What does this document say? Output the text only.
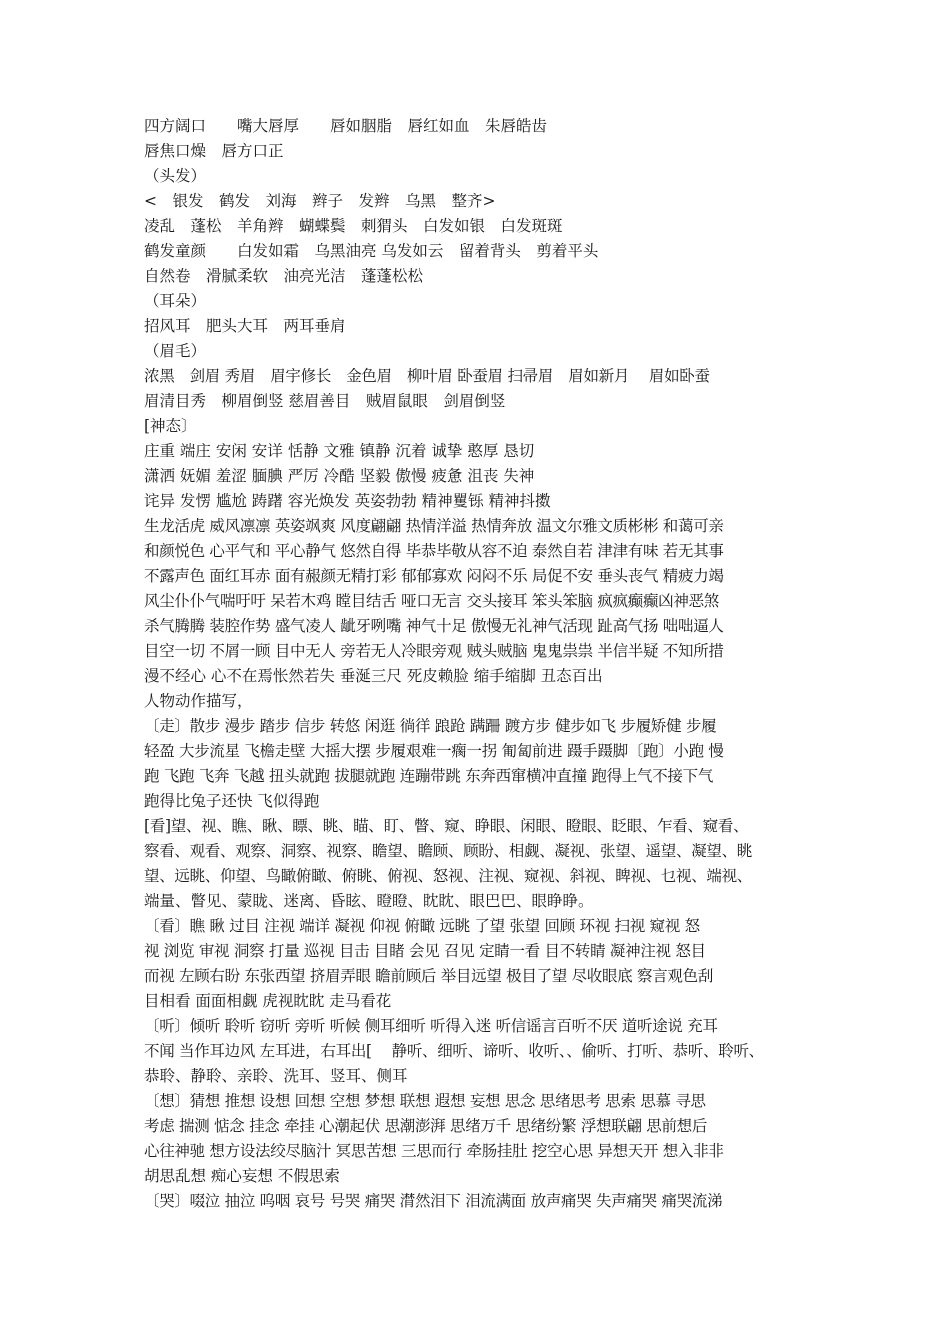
四方阔口　　嘴大唇厚　　唇如胭脂　唇红如血　朱唇皓齿
唇焦口燥　唇方口正
（头发）
<　银发　鹤发　刘海　辫子　发辫　乌黑　整齐>
凌乱　蓬松　羊角辫　蝴蝶鬓　刺猬头　白发如银　白发斑斑
鹤发童颜　　白发如霜　乌黑油亮 乌发如云　留着背头　剪着平头
自然卷　滑腻柔软　油亮光洁　蓬蓬松松
（耳朵）
招风耳　肥头大耳　两耳垂肩
（眉毛）
浓黑　剑眉 秀眉　眉宇修长　金色眉　柳叶眉 卧蚕眉 扫帚眉　眉如新月　 眉如卧蚕
眉清目秀　柳眉倒竖 慈眉善目　贼眉鼠眼　剑眉倒竖
[神态〕
庄重 端庄 安闲 安详 恬静 文雅 镇静 沉着 诚挚 憨厚 恳切
潇洒 妩媚 羞涩 腼腆 严厉 冷酷 坚毅 傲慢 疲惫 沮丧 失神
诧异 发愣 尴尬 踌躇 容光焕发 英姿勃勃 精神矍铄 精神抖擞
生龙活虎 威风凛凛 英姿飒爽 风度翩翩 热情洋溢 热情奔放 温文尔雅文质彬彬 和蔼可亲
和颜悦色 心平气和 平心静气 悠然自得 毕恭毕敬从容不迫 泰然自若 津津有味 若无其事
不露声色 面红耳赤 面有赧颜无精打彩 郁郁寡欢 闷闷不乐 局促不安 垂头丧气 精疲力竭
风尘仆仆气喘吁吁 呆若木鸡 瞠目结舌 哑口无言 交头接耳 笨头笨脑 疯疯癫癫凶神恶煞
杀气腾腾 装腔作势 盛气凌人 龇牙咧嘴 神气十足 傲慢无礼神气活现 趾高气扬 咄咄逼人
目空一切 不屑一顾 目中无人 旁若无人冷眼旁观 贼头贼脑 鬼鬼祟祟 半信半疑 不知所措
漫不经心 心不在焉怅然若失 垂涎三尺 死皮赖脸 缩手缩脚 丑态百出
人物动作描写，
〔走〕散步 漫步 踏步 信步 转悠 闲逛 徜徉 踉跄 蹒跚 踱方步 健步如飞 步履矫健 步履
轻盈 大步流星 飞檐走壁 大摇大摆 步履艰难一瘸一拐 匍匐前进 蹑手蹑脚〔跑〕小跑 慢
跑 飞跑 飞奔 飞越 扭头就跑 拔腿就跑 连蹦带跳 东奔西窜横冲直撞 跑得上气不接下气
跑得比兔子还快 飞似得跑
[看]望、视、瞧、瞅、瞟、眺、瞄、盯、瞥、窥、睁眼、闲眼、瞪眼、眨眼、乍看、窥看、
察看、观看、观察、洞察、视察、瞻望、瞻顾、顾盼、相觑、凝视、张望、遥望、凝望、眺
望、远眺、仰望、鸟瞰俯瞰、俯眺、俯视、怒视、注视、窥视、斜视、睥视、乜视、端视、
端量、瞥见、蒙眬、迷离、昏眩、瞪瞪、眈眈、眼巴巴、眼睁睁。
〔看〕瞧 瞅 过目 注视 端详 凝视 仰视 俯瞰 远眺 了望 张望 回顾 环视 扫视 窥视 怒
视 浏览 审视 洞察 打量 巡视 目击 目睹 会见 召见 定睛一看 目不转睛 凝神注视 怒目
而视 左顾右盼 东张西望 挤眉弄眼 瞻前顾后 举目远望 极目了望 尽收眼底 察言观色刮
目相看 面面相觑 虎视眈眈 走马看花
〔听〕倾听 聆听 窃听 旁听 听候 侧耳细听 听得入迷 听信谣言百听不厌 道听途说 充耳
不闻 当作耳边风 左耳进，右耳出[　 静听、细听、谛听、收听、、偷听、打听、恭听、聆听、
恭聆、静聆、亲聆、洗耳、竖耳、侧耳
〔想〕猜想 推想 设想 回想 空想 梦想 联想 遐想 妄想 思念 思绪思考 思索 思慕 寻思
考虑 揣测 惦念 挂念 牵挂 心潮起伏 思潮澎湃 思绪万千 思绪纷繁 浮想联翩 思前想后
心往神驰 想方设法绞尽脑汁 冥思苦想 三思而行 牵肠挂肚 挖空心思 异想天开 想入非非
胡思乱想 痴心妄想 不假思索
〔哭〕啜泣 抽泣 呜咽 哀号 号哭 痛哭 潸然泪下 泪流满面 放声痛哭 失声痛哭 痛哭流涕
